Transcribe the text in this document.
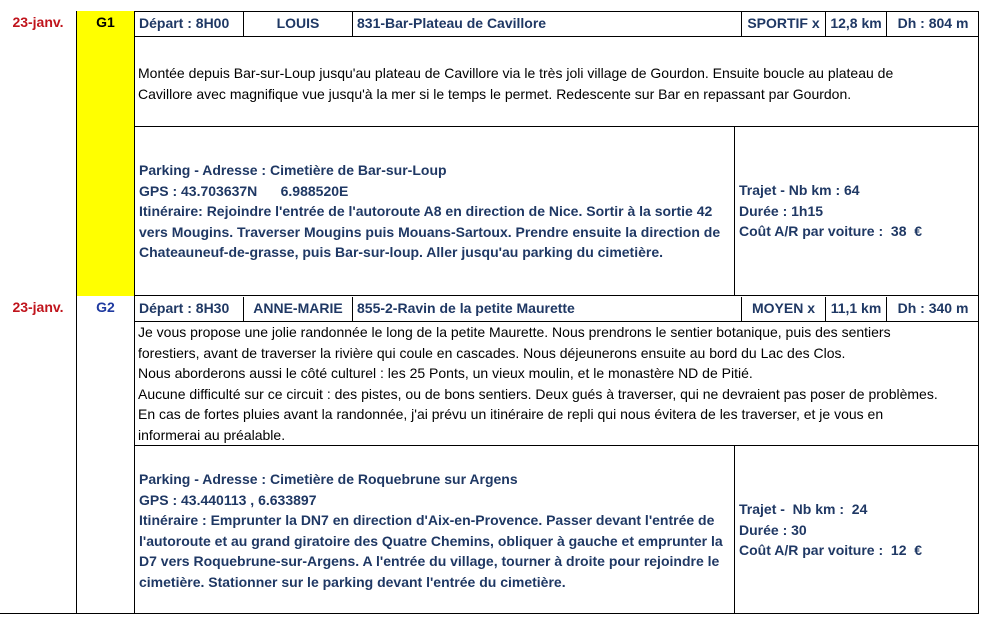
23-janv.	G1	Départ : 8H00	LOUIS	831-Bar-Plateau de Cavillore	SPORTIF x 12,8 km	Dh : 804 m
Montée depuis Bar-sur-Loup jusqu'au plateau de Cavillore via le très joli village de Gourdon. Ensuite boucle au plateau de
Cavillore avec magnifique vue jusqu'à la mer si le temps le permet. Redescente sur Bar en repassant par Gourdon.
Parking - Adresse : Cimetière de Bar-sur-Loup
GPS : 43.703637N      6.988520E
Itinéraire: Rejoindre l'entrée de l'autoroute A8 en direction de Nice. Sortir à la sortie 42
vers Mougins. Traverser Mougins puis Mouans-Sartoux. Prendre ensuite la direction de
Chateauneuf-de-grasse, puis Bar-sur-loup. Aller jusqu'au parking du cimetière.
Trajet - Nb km : 64
Durée : 1h15
Coût A/R par voiture :  38  €
23-janv.	G2	Départ : 8H30	ANNE-MARIE	855-2-Ravin de la petite Maurette	MOYEN x	11,1 km	Dh : 340 m
Je vous propose une jolie randonnée le long de la petite Maurette. Nous prendrons le sentier botanique, puis des sentiers
forestiers, avant de traverser la rivière qui coule en cascades. Nous déjeunerons ensuite au bord du Lac des Clos.
Nous aborderons aussi le côté culturel : les 25 Ponts, un vieux moulin, et le monastère ND de Pitié.
Aucune difficulté sur ce circuit : des pistes, ou de bons sentiers. Deux gués à traverser, qui ne devraient pas poser de problèmes.
En cas de fortes pluies avant la randonnée, j'ai prévu un itinéraire de repli qui nous évitera de les traverser, et je vous en
informerai au préalable.
Parking - Adresse : Cimetière de Roquebrune sur Argens
GPS : 43.440113 , 6.633897
Itinéraire : Emprunter la DN7 en direction d'Aix-en-Provence. Passer devant l'entrée de
l'autoroute et au grand giratoire des Quatre Chemins, obliquer à gauche et emprunter la
D7 vers Roquebrune-sur-Argens. A l'entrée du village, tourner à droite pour rejoindre le
cimetière. Stationner sur le parking devant l'entrée du cimetière.
Trajet -  Nb km :  24
Durée : 30
Coût A/R par voiture :  12  €
